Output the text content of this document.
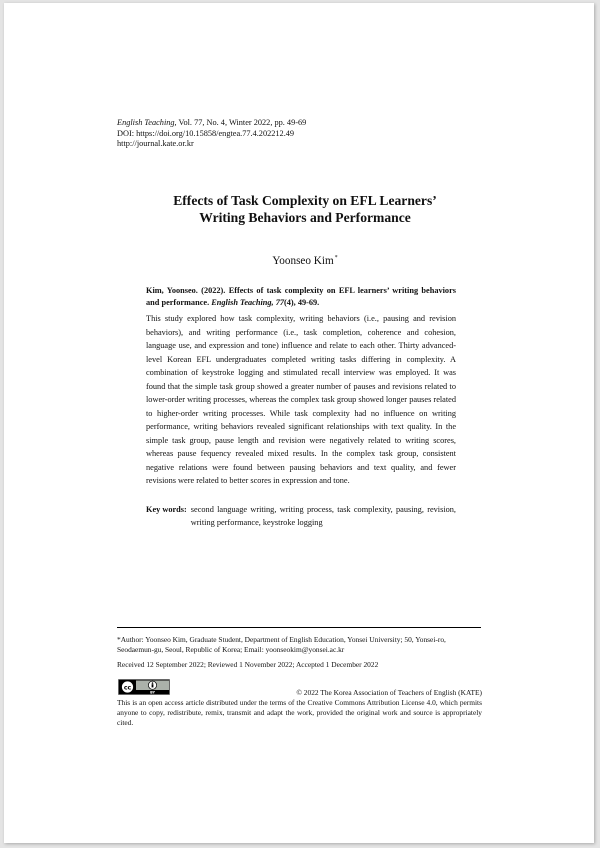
English Teaching, Vol. 77, No. 4, Winter 2022, pp. 49-69
DOI: https://doi.org/10.15858/engtea.77.4.202212.49
http://journal.kate.or.kr
Effects of Task Complexity on EFL Learners’
Writing Behaviors and Performance
Yoonseo Kim*
Kim, Yoonseo. (2022). Effects of task complexity on EFL learners’ writing behaviors and performance. English Teaching, 77(4), 49-69.
This study explored how task complexity, writing behaviors (i.e., pausing and revision behaviors), and writing performance (i.e., task completion, coherence and cohesion, language use, and expression and tone) influence and relate to each other. Thirty advanced-level Korean EFL undergraduates completed writing tasks differing in complexity. A combination of keystroke logging and stimulated recall interview was employed. It was found that the simple task group showed a greater number of pauses and revisions related to lower-order writing processes, whereas the complex task group showed longer pauses related to higher-order writing processes. While task complexity had no influence on writing performance, writing behaviors revealed significant relationships with text quality. In the simple task group, pause length and revision were negatively related to writing scores, whereas pause fequency revealed mixed results. In the complex task group, consistent negative relations were found between pausing behaviors and text quality, and fewer revisions were related to better scores in expression and tone.
Key words: second language writing, writing process, task complexity, pausing, revision, writing performance, keystroke logging

*Author: Yoonseo Kim, Graduate Student, Department of English Education, Yonsei University; 50, Yonsei-ro, Seodaemun-gu, Seoul, Republic of Korea; Email: yoonseokim@yonsei.ac.kr

Received 12 September 2022; Reviewed 1 November 2022; Accepted 1 December 2022

cc
BY	© 2022 The Korea Association of Teachers of English (KATE)
This is an open access article distributed under the terms of the Creative Commons Attribution License 4.0, which permits anyone to copy, redistribute, remix, transmit and adapt the work, provided the original work and source is appropriately cited.
